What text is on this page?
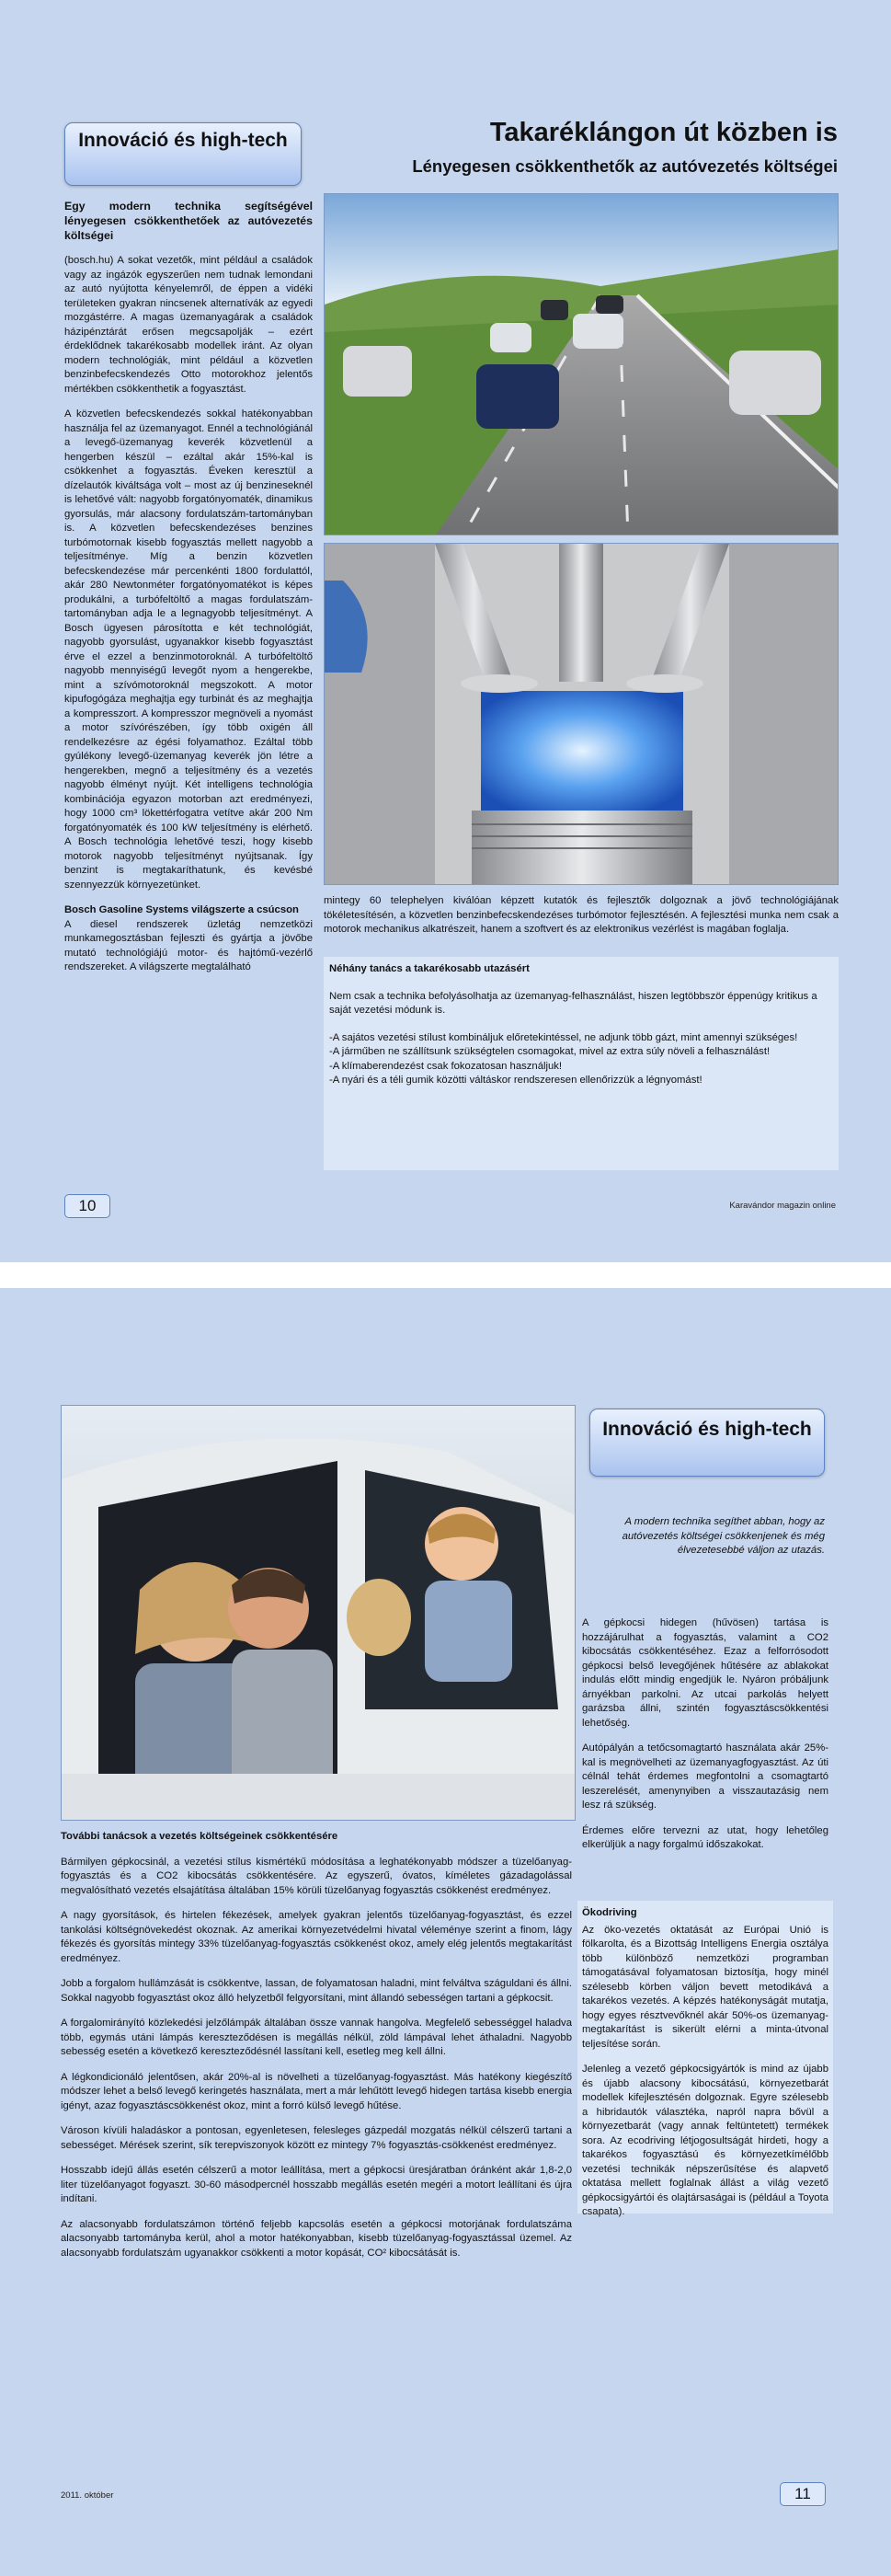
Innováció és high-tech	Takaréklángon út közben is
Lényegesen csökkenthetők az autóvezetés költségei

Egy modern technika segítségével lényegesen csökkenthetőek az autóvezetés költségei

(bosch.hu) A sokat vezetők, mint például a családok vagy az ingázók egyszerűen nem tudnak lemondani az autó nyújtotta kényelemről, de éppen a vidéki területeken gyakran nincsenek alternatívák az egyedi mozgástérre. A magas üzemanyagárak a családok házipénztárát erősen megcsapolják – ezért érdeklődnek takarékosabb modellek iránt. Az olyan modern technológiák, mint például a közvetlen benzinbefecskendezés Otto motorokhoz jelentős mértékben csökkenthetik a fogyasztást.

A közvetlen befecskendezés sokkal hatékonyabban használja fel az üzemanyagot. Ennél a technológiánál a levegő-üzemanyag keverék közvetlenül a hengerben készül – ezáltal akár 15%-kal is csökkenhet a fogyasztás. Éveken keresztül a dízelautók kiváltsága volt – most az új benzineseknél is lehetővé vált: nagyobb forgatónyomaték, dinamikus gyorsulás, már alacsony fordulatszám-tartományban is. A közvetlen befecskendezéses benzines turbómotornak kisebb fogyasztás mellett nagyobb a teljesítménye. Míg a benzin közvetlen befecskendezése már percenkénti 1800 fordulattól, akár 280 Newtonméter forgatónyomatékot is képes produkálni, a turbófeltöltő a magas fordulatszám-tartományban adja le a legnagyobb teljesítményt. A Bosch ügyesen párosította e két technológiát, nagyobb gyorsulást, ugyanakkor kisebb fogyasztást érve el ezzel a benzinmotoroknál. A turbófeltöltő nagyobb mennyiségű levegőt nyom a hengerekbe, mint a szívómotoroknál megszokott. A motor kipufogógáza meghajtja egy turbinát és az meghajtja a kompresszort. A kompresszor megnöveli a nyomást a motor szívórészében, így több oxigén áll rendelkezésre az égési folyamathoz. Ezáltal több gyúlékony levegő-üzemanyag keverék jön létre a hengerekben, megnő a teljesítmény és a vezetés nagyobb élményt nyújt. Két intelligens technológia kombinációja egyazon motorban azt eredményezi, hogy 1000 cm³ lökettérfogatra vetítve akár 200 Nm forgatónyomaték és 100 kW teljesítmény is elérhető. A Bosch technológia lehetővé teszi, hogy kisebb motorok nagyobb teljesítményt nyújtsanak. Így benzint is megtakaríthatunk, és kevésbé szennyezzük környezetünket.

Bosch Gasoline Systems világszerte a csúcson
A diesel rendszerek üzletág nemzetközi munkamegosztásban fejleszti és gyártja a jövőbe mutató technológiájú motor- és hajtómű-vezérlő rendszereket. A világszerte megtalálható

mintegy 60 telephelyen kiválóan képzett kutatók és fejlesztők dolgoznak a jövő technológiájának tökéletesítésén, a közvetlen benzinbefecskendezéses turbómotor fejlesztésén. A fejlesztési munka nem csak a motorok mechanikus alkatrészeit, hanem a szoftvert és az elektronikus vezérlést is magában foglalja.

Néhány tanács a takarékosabb utazásért

Nem csak a technika befolyásolhatja az üzemanyag-felhasználást, hiszen legtöbbször éppenúgy kritikus a saját vezetési módunk is.

-A sajátos vezetési stílust kombináljuk előretekintéssel, ne adjunk több gázt, mint amennyi szükséges!
-A járműben ne szállítsunk szükségtelen csomagokat, mivel az extra súly növeli a felhasználást!
-A klímaberendezést csak fokozatosan használjuk!
-A nyári és a téli gumik közötti váltáskor rendszeresen ellenőrizzük a légnyomást!
10	Karavándor magazin online
Innováció és high-tech
A modern technika segíthet abban, hogy az autóvezetés költségei csökkenjenek és még élvezetesebbé váljon az utazás.

A gépkocsi hidegen (hűvösen) tartása is hozzájárulhat a fogyasztás, valamint a CO2 kibocsátás csökkentéséhez. Ezaz a felforrósodott gépkocsi belső levegőjének hűtésére az ablakokat indulás előtt mindig engedjük le. Nyáron próbáljunk árnyékban parkolni. Az utcai parkolás helyett garázsba állni, szintén fogyasztáscsökkentési lehetőség.

Autópályán a tetőcsomagtartó használata akár 25%-kal is megnövelheti az üzemanyagfogyasztást. Az úti célnál tehát érdemes megfontolni a csomagtartó leszerelését, amenynyiben a visszautazásig nem lesz rá szükség.

Érdemes előre tervezni az utat, hogy lehetőleg elkerüljük a nagy forgalmú időszakokat.

Ökodriving

Az öko-vezetés oktatását az Európai Unió is fölkarolta, és a Bizottság Intelligens Energia osztálya több különböző nemzetközi programban támogatásával folyamatosan biztosítja, hogy minél szélesebb körben váljon bevett metodikává a takarékos vezetés. A képzés hatékonyságát mutatja, hogy egyes résztvevőknél akár 50%-os üzemanyag-megtakarítást is sikerült elérni a minta-útvonal teljesítése során.

Jelenleg a vezető gépkocsigyártók is mind az újabb és újabb alacsony kibocsátású, környezetbarát modellek kifejlesztésén dolgoznak. Egyre szélesebb a hibridautók választéka, napról napra bővül a környezetbarát (vagy annak feltüntetett) termékek sora. Az ecodriving létjogosultságát hirdeti, hogy a takarékos fogyasztású és környezetkímélőbb vezetési technikák népszerűsítése és alapvető oktatása mellett foglalnak állást a világ vezető gépkocsigyártói és olajtársaságai is (például a Toyota csapata).

További tanácsok a vezetés költségeinek csökkentésére

Bármilyen gépkocsinál, a vezetési stílus kismértékű módosítása a leghatékonyabb módszer a tüzelőanyag-fogyasztás és a CO2 kibocsátás csökkentésére. Az egyszerű, óvatos, kíméletes gázadagolással megvalósítható vezetés elsajátítása általában 15% körüli tüzelőanyag fogyasztás csökkenést eredményez.

A nagy gyorsítások, és hirtelen fékezések, amelyek gyakran jelentős tüzelőanyag-fogyasztást, és ezzel tankolási költségnövekedést okoznak. Az amerikai környezetvédelmi hivatal véleménye szerint a finom, lágy fékezés és gyorsítás mintegy 33% tüzelőanyag-fogyasztás csökkenést okoz, amely elég jelentős megtakarítást eredményez.

Jobb a forgalom hullámzását is csökkentve, lassan, de folyamatosan haladni, mint felváltva száguldani és állni. Sokkal nagyobb fogyasztást okoz álló helyzetből felgyorsítani, mint állandó sebességen tartani a gépkocsit.

A forgalomirányító közlekedési jelzőlámpák általában össze vannak hangolva. Megfelelő sebességgel haladva több, egymás utáni lámpás kereszteződésen is megállás nélkül, zöld lámpával lehet áthaladni. Nagyobb sebesség esetén a következő kereszteződésnél lassítani kell, esetleg meg kell állni.

A légkondicionáló jelentősen, akár 20%-al is növelheti a tüzelőanyag-fogyasztást. Más hatékony kiegészítő módszer lehet a belső levegő keringetés használata, mert a már lehűtött levegő hidegen tartása kisebb energia igényt, azaz fogyasztáscsökkenést okoz, mint a forró külső levegő hűtése.

Városon kívüli haladáskor a pontosan, egyenletesen, felesleges gázpedál mozgatás nélkül célszerű tartani a sebességet. Mérések szerint, sík terepviszonyok között ez mintegy 7% fogyasztás-csökkenést eredményez.

Hosszabb idejű állás esetén célszerű a motor leállítása, mert a gépkocsi üresjáratban óránként akár 1,8-2,0 liter tüzelőanyagot fogyaszt. 30-60 másodpercnél hosszabb megállás esetén megéri a motort leállítani és újra indítani.

Az alacsonyabb fordulatszámon történő feljebb kapcsolás esetén a gépkocsi motorjának fordulatszáma alacsonyabb tartományba kerül, ahol a motor hatékonyabban, kisebb tüzelőanyag-fogyasztással üzemel. Az alacsonyabb fordulatszám ugyanakkor csökkenti a motor kopását, CO² kibocsátását is.

2011. október	11
